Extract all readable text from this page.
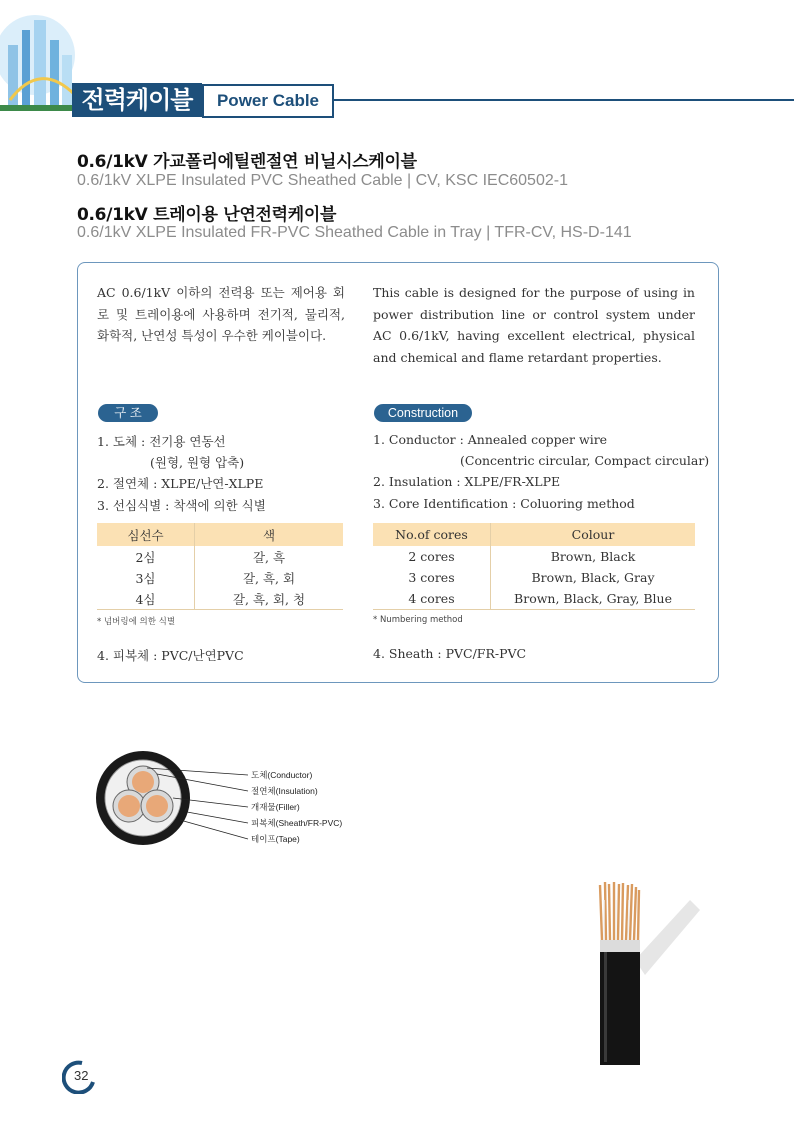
전력케이블	Power Cable
0.6/1kV 가교폴리에틸렌절연 비닐시스케이블
0.6/1kV XLPE Insulated PVC Sheathed Cable | CV, KSC IEC60502-1
0.6/1kV 트레이용 난연전력케이블
0.6/1kV XLPE Insulated FR-PVC Sheathed Cable in Tray | TFR-CV, HS-D-141
AC 0.6/1kV 이하의 전력용 또는 제어용 회로 및 트레이용에 사용하며 전기적, 물리적, 화학적, 난연성 특성이 우수한 케이블이다.
This cable is designed for the purpose of using in power distribution line or control system under AC 0.6/1kV, having excellent electrical, physical and chemical and flame retardant properties.
구 조
1. 도체 : 전기용 연동선
(원형, 원형 압축)
2. 절연체 : XLPE/난연-XLPE
3. 선심식별 : 착색에 의한 식별
심선수	색
2심	갈, 흑
3심	갈, 흑, 회
4심	갈, 흑, 회, 청
* 넘버링에 의한 식별
4. 피복체 : PVC/난연PVC
Construction
1. Conductor : Annealed copper wire
(Concentric circular, Compact circular)
2. Insulation : XLPE/FR-XLPE
3. Core Identification : Coluoring method
No.of cores	Colour
2 cores	Brown, Black
3 cores	Brown, Black, Gray
4 cores	Brown, Black, Gray, Blue
* Numbering method
4. Sheath : PVC/FR-PVC
도체(Conductor)
절연체(Insulation)
개재물(Filler)
피복체(Sheath/FR-PVC)
테이프(Tape)
32
